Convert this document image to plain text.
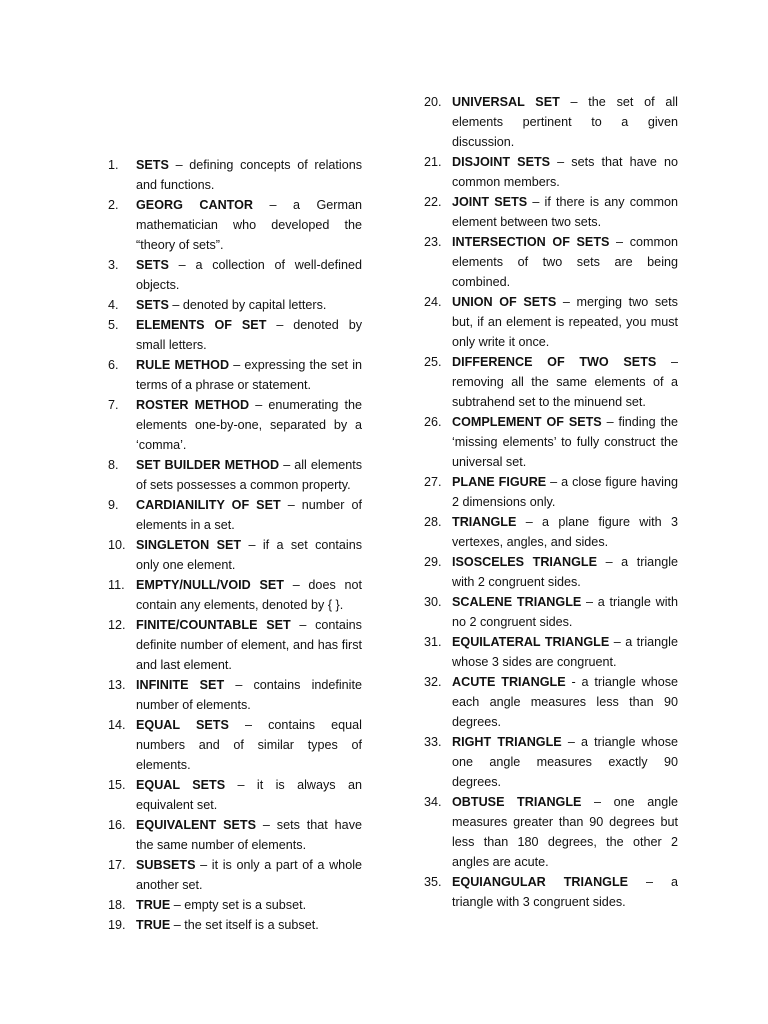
1. SETS – defining concepts of relations and functions.
2. GEORG CANTOR – a German mathematician who developed the “theory of sets”.
3. SETS – a collection of well-defined objects.
4. SETS – denoted by capital letters.
5. ELEMENTS OF SET – denoted by small letters.
6. RULE METHOD – expressing the set in terms of a phrase or statement.
7. ROSTER METHOD – enumerating the elements one-by-one, separated by a ‘comma’.
8. SET BUILDER METHOD – all elements of sets possesses a common property.
9. CARDIANILITY OF SET – number of elements in a set.
10. SINGLETON SET – if a set contains only one element.
11. EMPTY/NULL/VOID SET – does not contain any elements, denoted by { }.
12. FINITE/COUNTABLE SET – contains definite number of element, and has first and last element.
13. INFINITE SET – contains indefinite number of elements.
14. EQUAL SETS – contains equal numbers and of similar types of elements.
15. EQUAL SETS – it is always an equivalent set.
16. EQUIVALENT SETS – sets that have the same number of elements.
17. SUBSETS – it is only a part of a whole another set.
18. TRUE – empty set is a subset.
19. TRUE – the set itself is a subset.
20. UNIVERSAL SET – the set of all elements pertinent to a given discussion.
21. DISJOINT SETS – sets that have no common members.
22. JOINT SETS – if there is any common element between two sets.
23. INTERSECTION OF SETS – common elements of two sets are being combined.
24. UNION OF SETS – merging two sets but, if an element is repeated, you must only write it once.
25. DIFFERENCE OF TWO SETS – removing all the same elements of a subtrahend set to the minuend set.
26. COMPLEMENT OF SETS – finding the ‘missing elements’ to fully construct the universal set.
27. PLANE FIGURE – a close figure having 2 dimensions only.
28. TRIANGLE – a plane figure with 3 vertexes, angles, and sides.
29. ISOSCELES TRIANGLE – a triangle with 2 congruent sides.
30. SCALENE TRIANGLE – a triangle with no 2 congruent sides.
31. EQUILATERAL TRIANGLE – a triangle whose 3 sides are congruent.
32. ACUTE TRIANGLE - a triangle whose each angle measures less than 90 degrees.
33. RIGHT TRIANGLE – a triangle whose one angle measures exactly 90 degrees.
34. OBTUSE TRIANGLE – one angle measures greater than 90 degrees but less than 180 degrees, the other 2 angles are acute.
35. EQUIANGULAR TRIANGLE – a triangle with 3 congruent sides.
